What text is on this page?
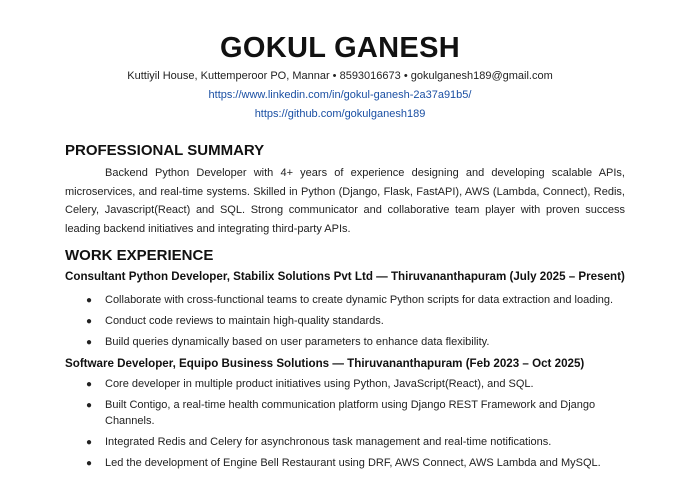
GOKUL GANESH
Kuttiyil House, Kuttemperoor PO, Mannar • 8593016673 • gokulganesh189@gmail.com
https://www.linkedin.com/in/gokul-ganesh-2a37a91b5/
https://github.com/gokulganesh189
PROFESSIONAL SUMMARY
Backend Python Developer with 4+ years of experience designing and developing scalable APIs, microservices, and real-time systems. Skilled in Python (Django, Flask, FastAPI), AWS (Lambda, Connect), Redis, Celery, Javascript(React) and SQL. Strong communicator and collaborative team player with proven success leading backend initiatives and integrating third-party APIs.
WORK EXPERIENCE
Consultant Python Developer, Stabilix Solutions Pvt Ltd — Thiruvananthapuram (July 2025 – Present)
● Collaborate with cross-functional teams to create dynamic Python scripts for data extraction and loading.
● Conduct code reviews to maintain high-quality standards.
● Build queries dynamically based on user parameters to enhance data flexibility.
Software Developer, Equipo Business Solutions — Thiruvananthapuram (Feb 2023 – Oct 2025)
● Core developer in multiple product initiatives using Python, JavaScript(React), and SQL.
● Built Contigo, a real-time health communication platform using Django REST Framework and Django Channels.
● Integrated Redis and Celery for asynchronous task management and real-time notifications.
● Led the development of Engine Bell Restaurant using DRF, AWS Connect, AWS Lambda and MySQL.
